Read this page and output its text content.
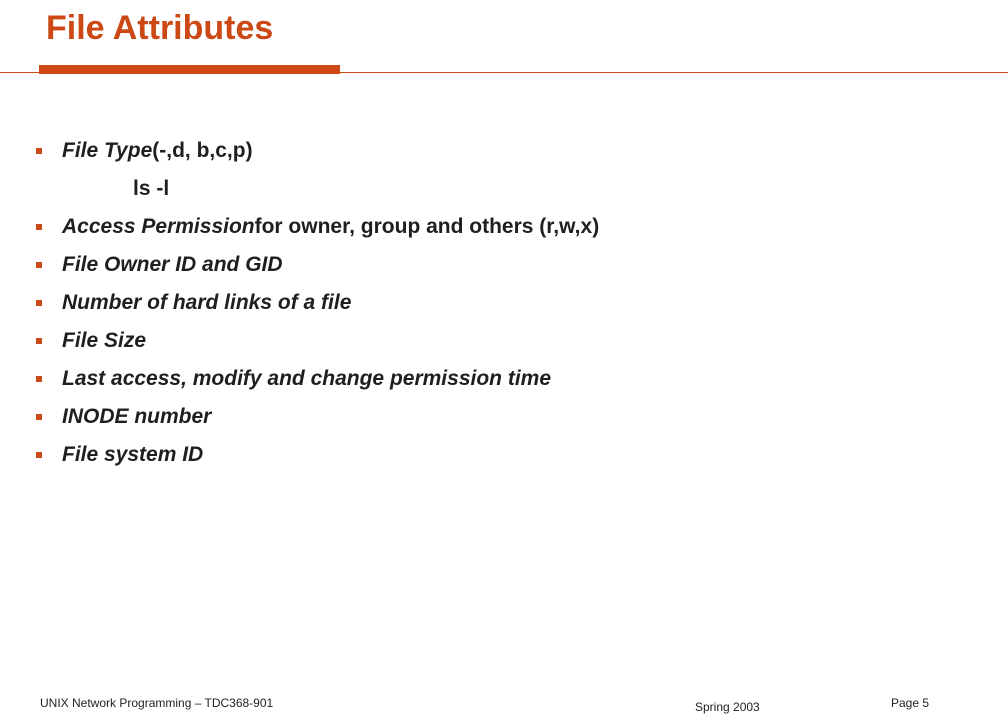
File Attributes
File Type (-,d, b,c,p)
ls -l
Access Permission for owner, group and others (r,w,x)
File Owner ID and GID
Number of hard links of a file
File Size
Last access, modify and change permission time
INODE number
File system ID
UNIX Network Programming – TDC368-901	Spring 2003	Page 5
